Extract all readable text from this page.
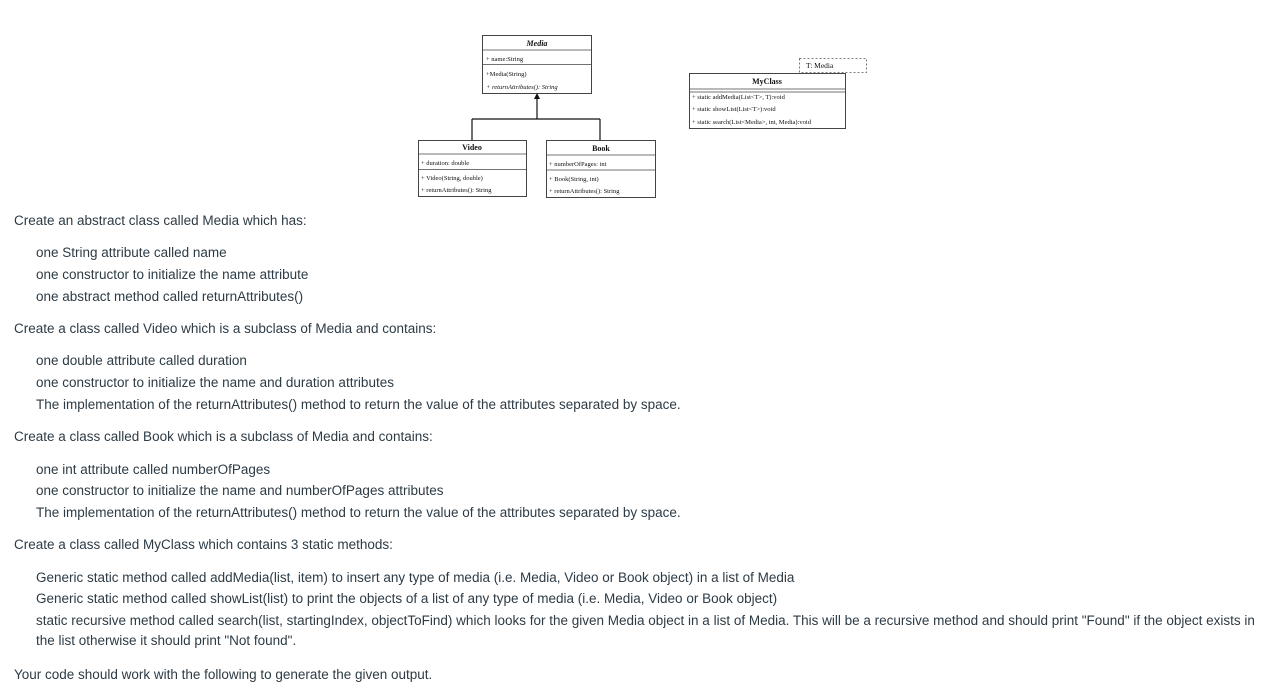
Media
+ name:String
+Media(String)
+ returnAttributes(): String
Video
+ duration: double
+ Video(String, double)
+ returnAttributes(): String
Book
+ numberOfPages: int
+ Book(String, int)
+ returnAttributes(): String
MyClass
+ static addMedia(List<T>, T):void
+ static showList(List<T>):void
+ static search(List<Media>, int, Media):void
T: Media

Create an abstract class called Media which has:

one String attribute called name

one constructor to initialize the name attribute

one abstract method called returnAttributes()

Create a class called Video which is a subclass of Media and contains:

one double attribute called duration

one constructor to initialize the name and duration attributes

The implementation of the returnAttributes() method to return the value of the attributes separated by space.

Create a class called Book which is a subclass of Media and contains:

one int attribute called numberOfPages

one constructor to initialize the name and numberOfPages attributes

The implementation of the returnAttributes() method to return the value of the attributes separated by space.

Create a class called MyClass which contains 3 static methods:

Generic static method called addMedia(list, item) to insert any type of media (i.e. Media, Video or Book object) in a list of Media

Generic static method called showList(list) to print the objects of a list of any type of media (i.e. Media, Video or Book object)

static recursive method called search(list, startingIndex, objectToFind) which looks for the given Media object in a list of Media. This will be a recursive method and should print "Found" if the object exists in the list otherwise it should print "Not found".

Your code should work with the following to generate the given output.
